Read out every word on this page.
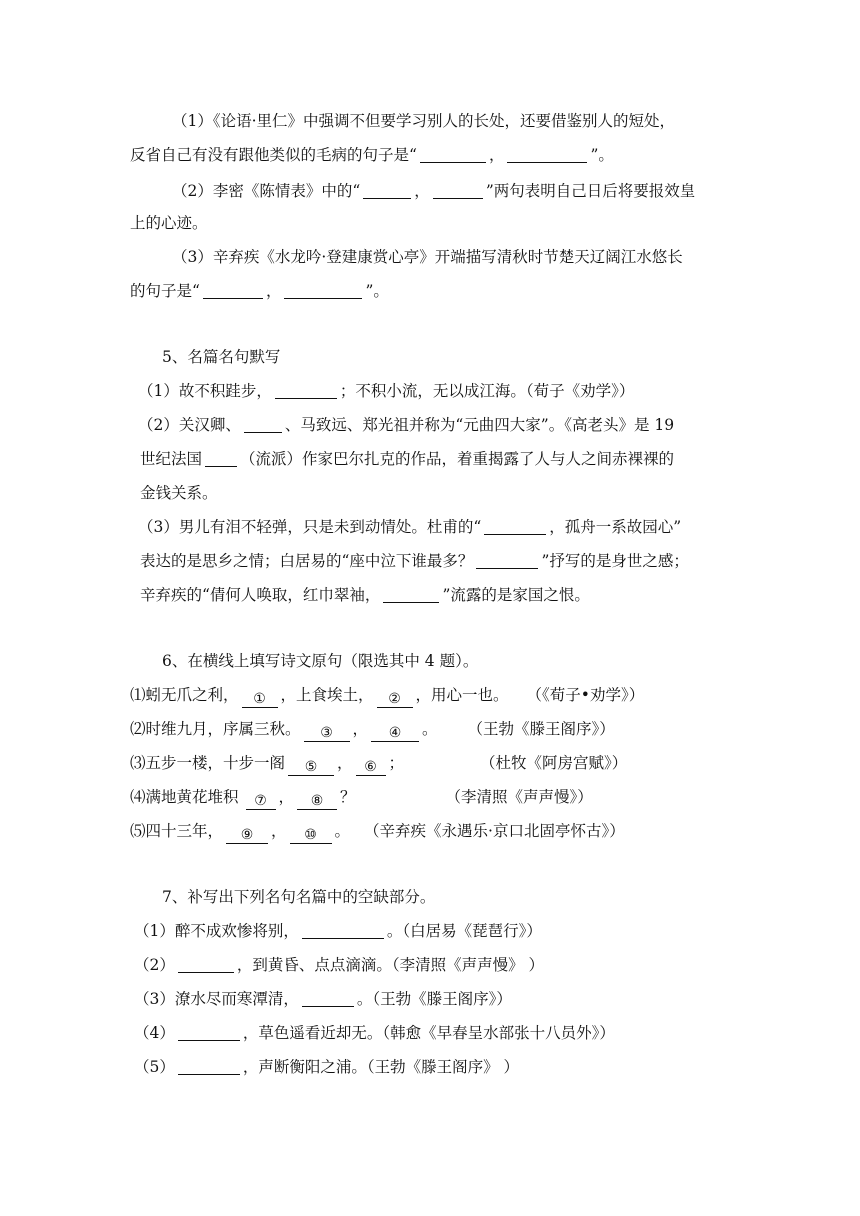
（1）《论语·里仁》中强调不但要学习别人的长处，还要借鉴别人的短处，
反省自己有没有跟他类似的毛病的句子是“	，	”。
（2）李密《陈情表》中的“	，	”两句表明自己日后将要报效皇
上的心迹。
（3）辛弃疾《水龙吟·登建康赏心亭》开端描写清秋时节楚天辽阔江水悠长
的句子是“	，	”。
5、名篇名句默写
（1）故不积跬步，	；不积小流，无以成江海。（荀子《劝学》）
（2）关汉卿、	、马致远、郑光祖并称为“元曲四大家”。《高老头》是 19
世纪法国 （流派）作家巴尔扎克的作品，着重揭露了人与人之间赤裸裸的
金钱关系。
（3）男儿有泪不轻弹，只是未到动情处。杜甫的“	，孤舟一系故园心”
表达的是思乡之情；白居易的“座中泣下谁最多？	”抒写的是身世之感；
辛弃疾的“倩何人唤取，红巾翠袖，	”流露的是家国之恨。
6、在横线上填写诗文原句（限选其中 4 题）。
⑴蚓无爪之利， ① ，上食埃土， ② ，用心一也。 （《荀子•劝学》）
⑵时维九月，序属三秋。 ③ ， ④ 。 （王勃《滕王阁序》）
⑶五步一楼，十步一阁 ⑤ ， ⑥ ；	（杜牧《阿房宫赋》）
⑷满地黄花堆积 ⑦ ， ⑧ ？	（李清照《声声慢》）
⑸四十三年， ⑨ ， ⑩ 。 （辛弃疾《永遇乐·京口北固亭怀古》）
7、补写出下列名句名篇中的空缺部分。
（1）醉不成欢惨将别，	。（白居易《琵琶行》）
（2）	，到黄昏、点点滴滴。（李清照《声声慢》 ）
（3）潦水尽而寒潭清，	。（王勃《滕王阁序》）
（4）	，草色遥看近却无。（韩愈《早春呈水部张十八员外》）
（5）	，声断衡阳之浦。（王勃《滕王阁序》 ）
